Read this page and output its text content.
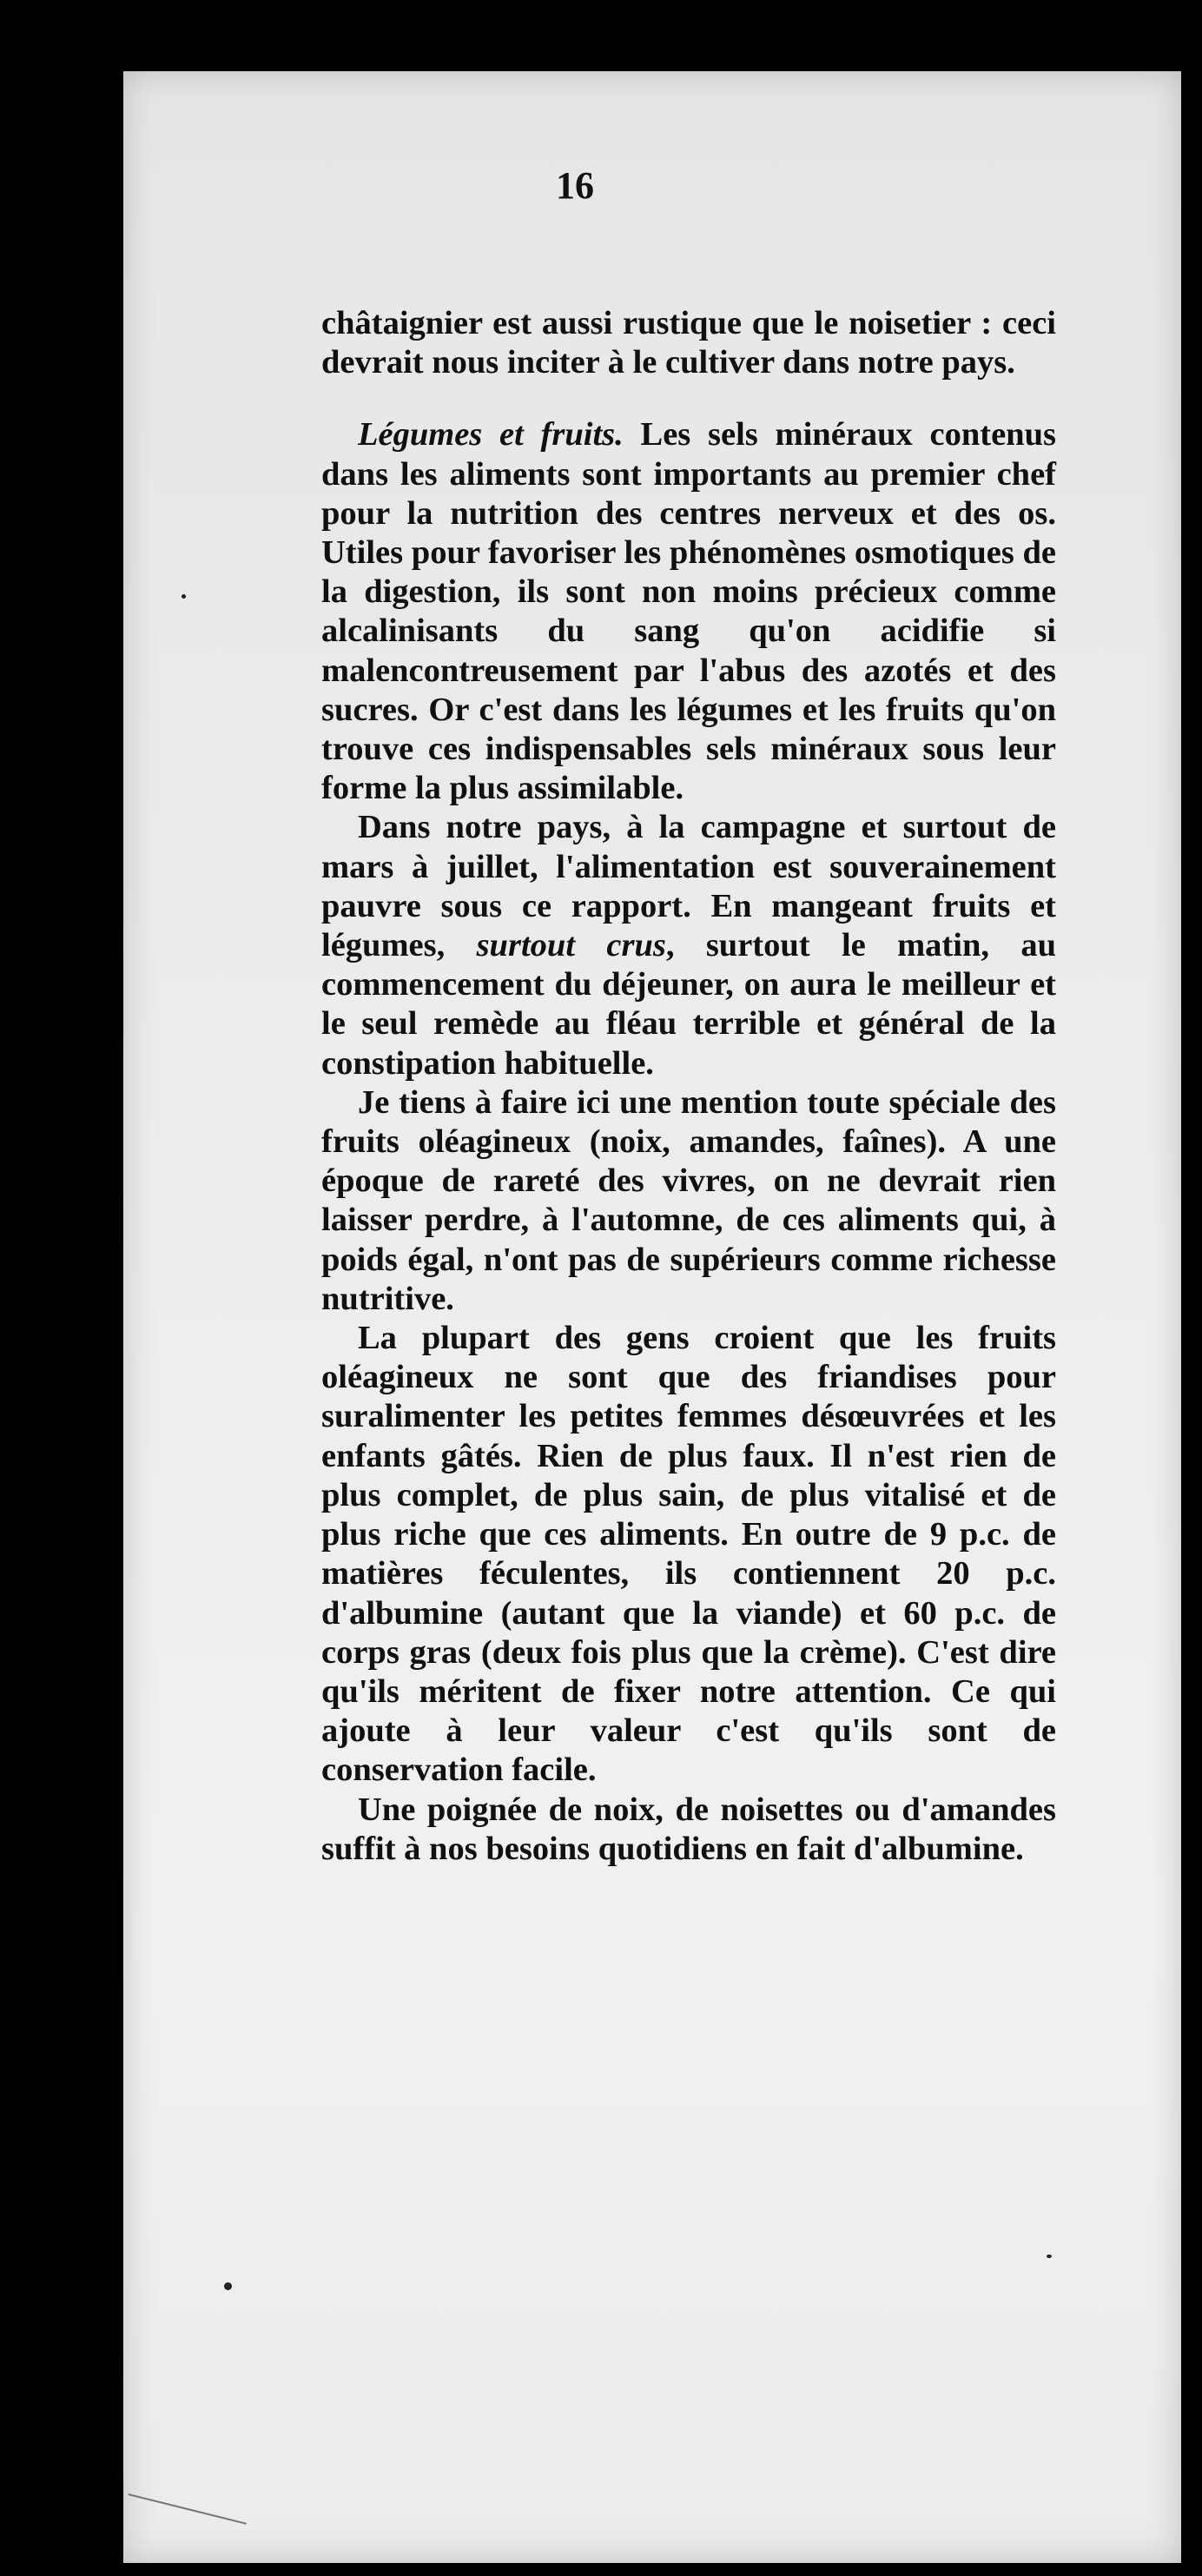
16

châtaignier est aussi rustique que le noisetier : ceci devrait nous inciter à le cultiver dans notre pays.

Légumes et fruits. Les sels minéraux contenus dans les aliments sont importants au premier chef pour la nutrition des centres nerveux et des os. Utiles pour favoriser les phénomènes osmotiques de la digestion, ils sont non moins précieux comme alcalinisants du sang qu'on acidifie si malencontreusement par l'abus des azotés et des sucres. Or c'est dans les légumes et les fruits qu'on trouve ces indispensables sels minéraux sous leur forme la plus assimilable.

Dans notre pays, à la campagne et surtout de mars à juillet, l'alimentation est souverainement pauvre sous ce rapport. En mangeant fruits et légumes, surtout crus, surtout le matin, au commencement du déjeuner, on aura le meilleur et le seul remède au fléau terrible et général de la constipation habituelle.

Je tiens à faire ici une mention toute spéciale des fruits oléagineux (noix, amandes, faînes). A une époque de rareté des vivres, on ne devrait rien laisser perdre, à l'automne, de ces aliments qui, à poids égal, n'ont pas de supérieurs comme richesse nutritive.

La plupart des gens croient que les fruits oléagineux ne sont que des friandises pour suralimenter les petites femmes désœuvrées et les enfants gâtés. Rien de plus faux. Il n'est rien de plus complet, de plus sain, de plus vitalisé et de plus riche que ces aliments. En outre de 9 p.c. de matières féculentes, ils contiennent 20 p.c. d'albumine (autant que la viande) et 60 p.c. de corps gras (deux fois plus que la crème). C'est dire qu'ils méritent de fixer notre attention. Ce qui ajoute à leur valeur c'est qu'ils sont de conservation facile.

Une poignée de noix, de noisettes ou d'amandes suffit à nos besoins quotidiens en fait d'albumine.
